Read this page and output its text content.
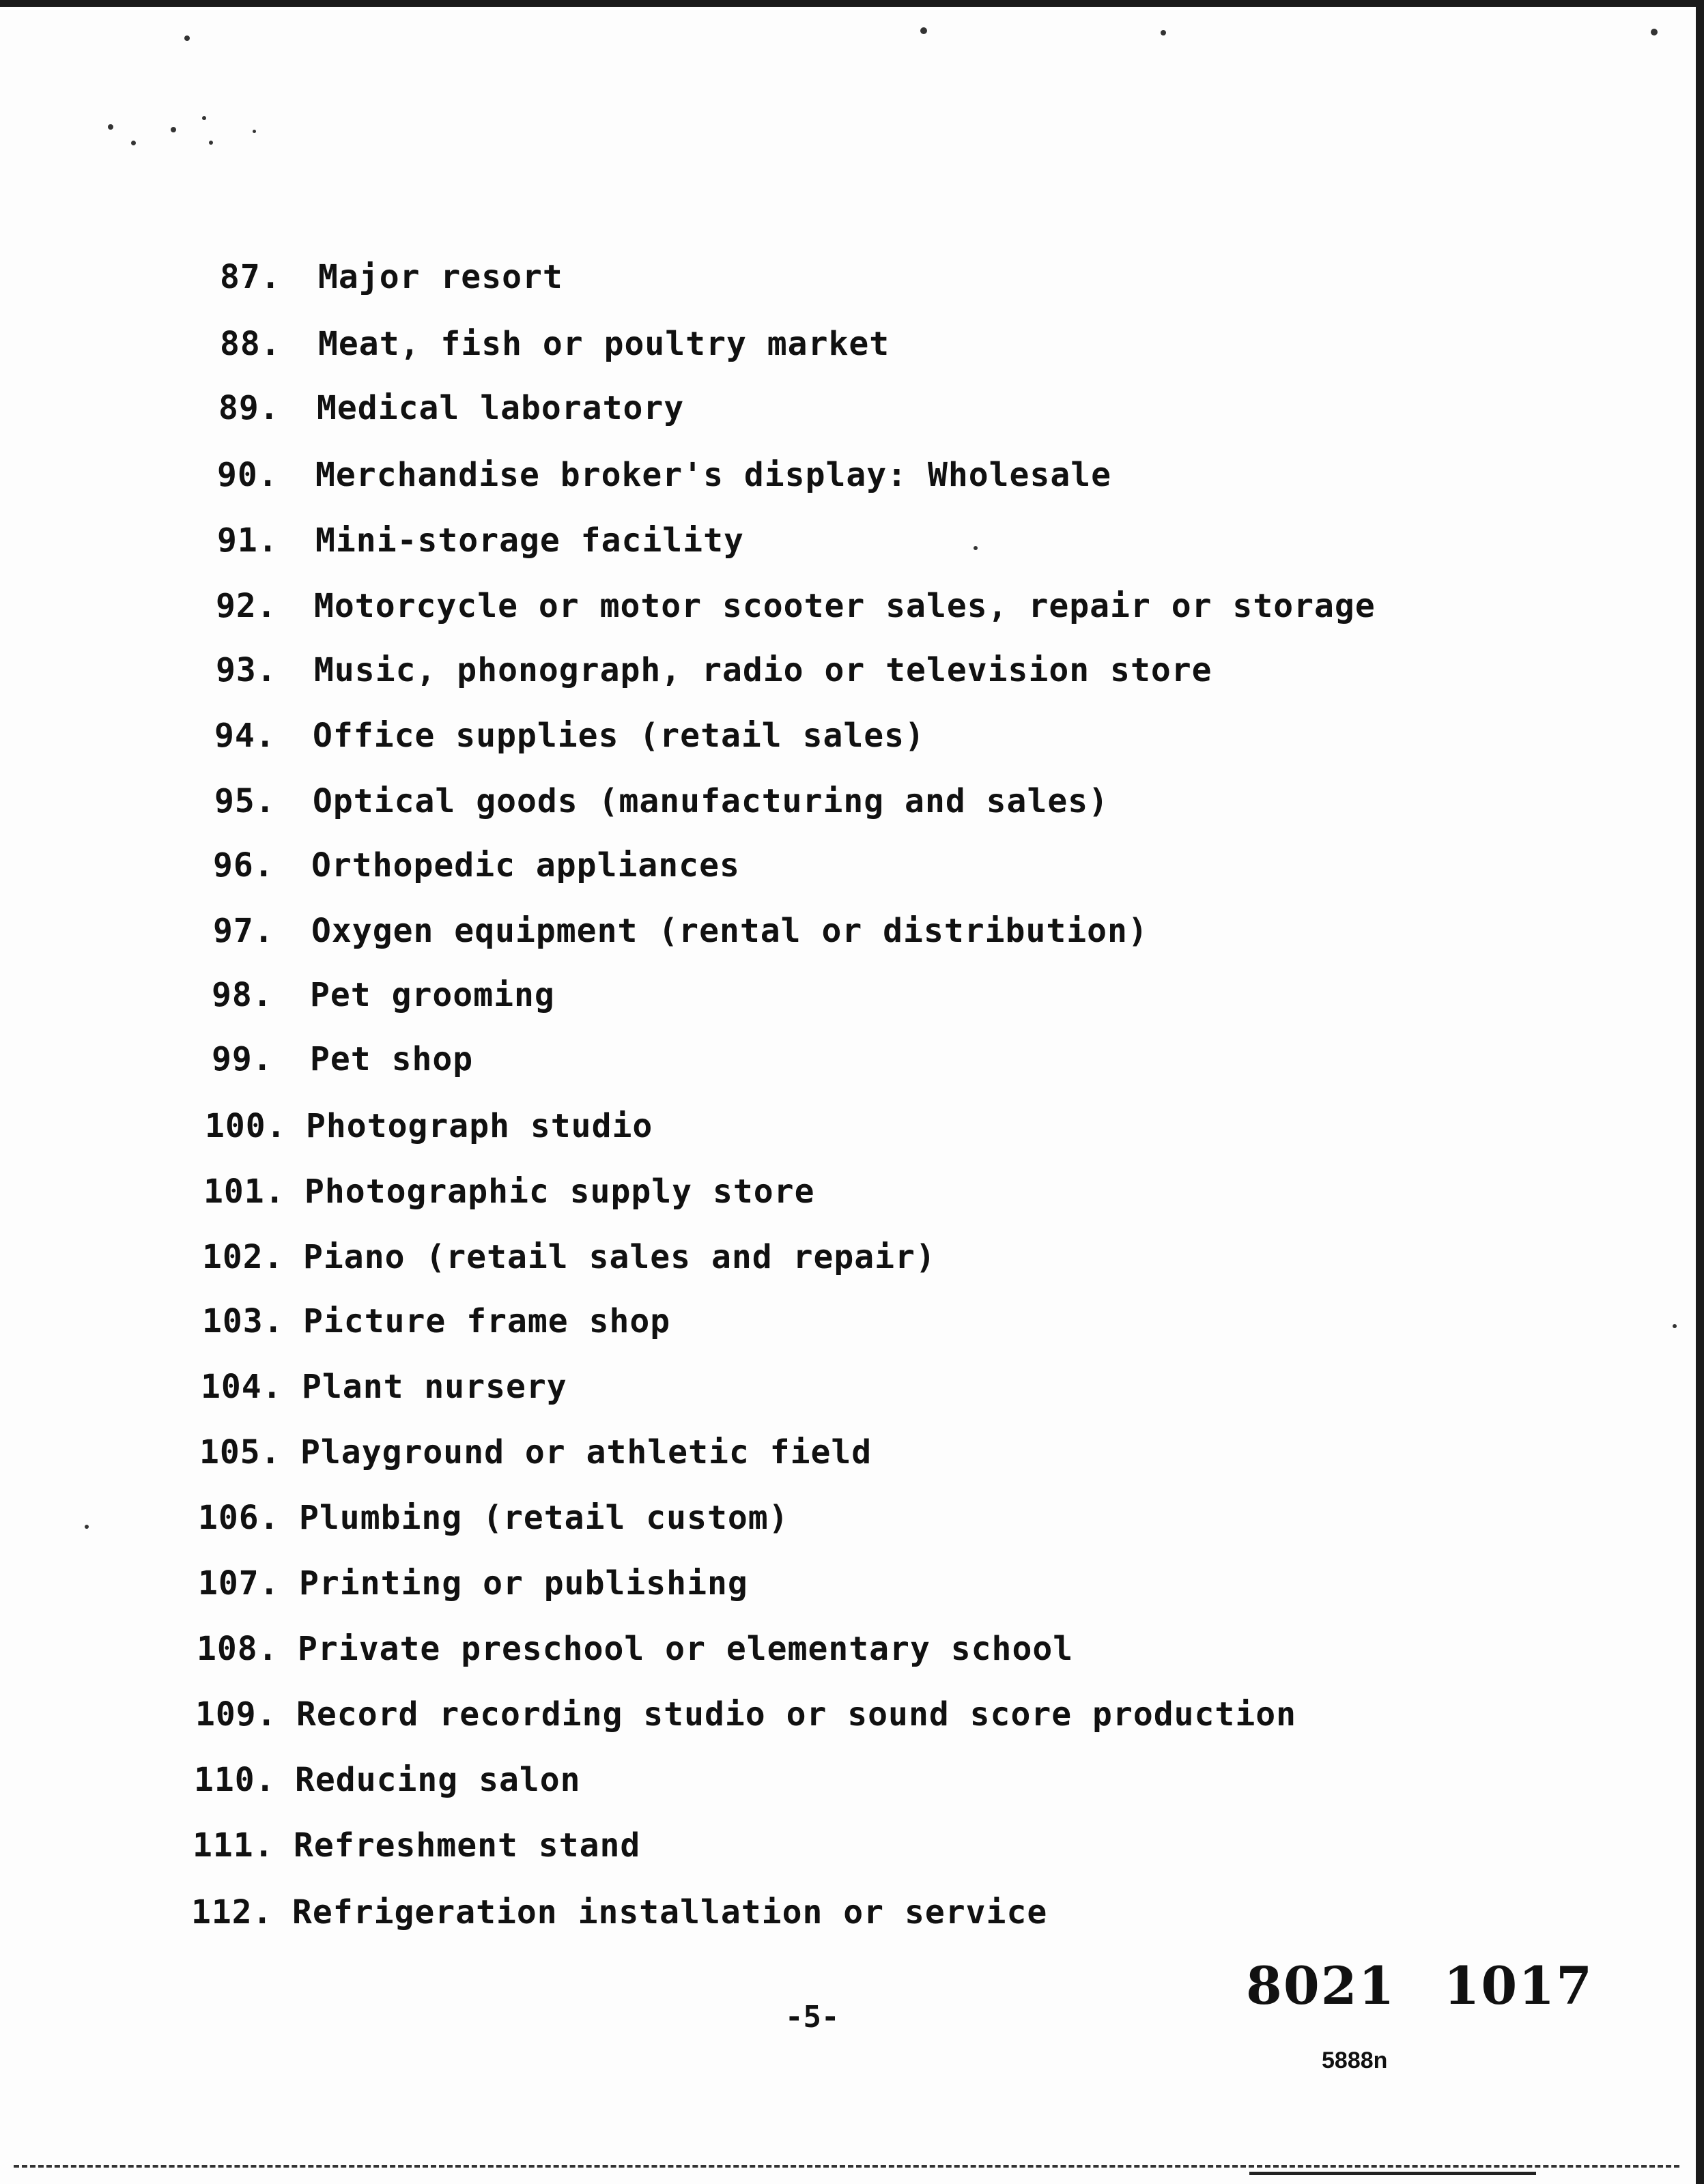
87. Major resort
88. Meat, fish or poultry market
89. Medical laboratory
90. Merchandise broker's display: Wholesale
91. Mini-storage facility
92. Motorcycle or motor scooter sales, repair or storage
93. Music, phonograph, radio or television store
94. Office supplies (retail sales)
95. Optical goods (manufacturing and sales)
96. Orthopedic appliances
97. Oxygen equipment (rental or distribution)
98. Pet grooming
99. Pet shop
100. Photograph studio
101. Photographic supply store
102. Piano (retail sales and repair)
103. Picture frame shop
104. Plant nursery
105. Playground or athletic field
106. Plumbing (retail custom)
107. Printing or publishing
108. Private preschool or elementary school
109. Record recording studio or sound score production
110. Reducing salon
111. Refreshment stand
112. Refrigeration installation or service
8021 1017
-5-
5888n
